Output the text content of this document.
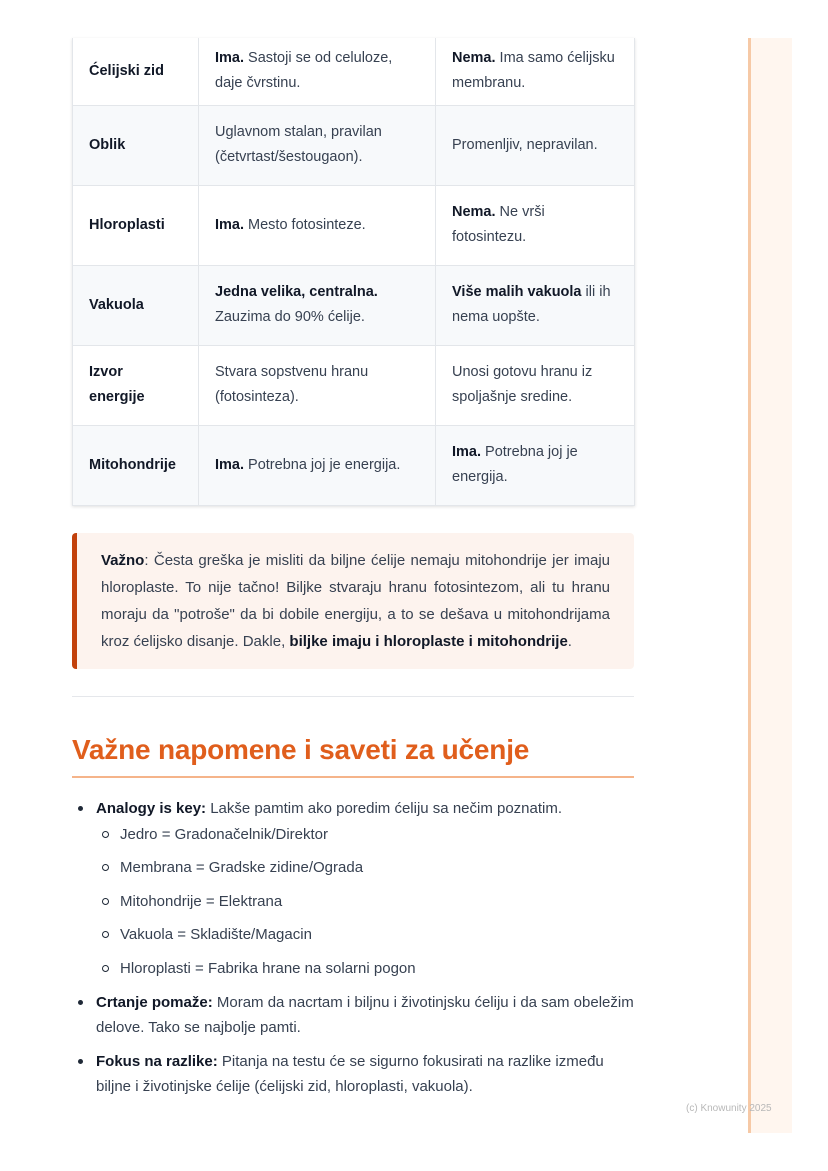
Ćelijski zid	Ima. Sastoji se od celuloze, daje čvrstinu.	Nema. Ima samo ćelijsku membranu.
Oblik	Uglavnom stalan, pravilan (četvrtast/šestougaon).	Promenljiv, nepravilan.
Hloroplasti	Ima. Mesto fotosinteze.	Nema. Ne vrši fotosintezu.
Vakuola	Jedna velika, centralna. Zauzima do 90% ćelije.	Više malih vakuola ili ih nema uopšte.
Izvor energije	Stvara sopstvenu hranu (fotosinteza).	Unosi gotovu hranu iz spoljašnje sredine.
Mitohondrije	Ima. Potrebna joj je energija.	Ima. Potrebna joj je energija.
Važno: Česta greška je misliti da biljne ćelije nemaju mitohondrije jer imaju hloroplaste. To nije tačno! Biljke stvaraju hranu fotosintezom, ali tu hranu moraju da "potroše" da bi dobile energiju, a to se dešava u mitohondrijama kroz ćelijsko disanje. Dakle, biljke imaju i hloroplaste i mitohondrije.
Važne napomene i saveti za učenje
Analogy is key: Lakše pamtim ako poredim ćeliju sa nečim poznatim.
Jedro = Gradonačelnik/Direktor
Membrana = Gradske zidine/Ograda
Mitohondrije = Elektrana
Vakuola = Skladište/Magacin
Hloroplasti = Fabrika hrane na solarni pogon
Crtanje pomaže: Moram da nacrtam i biljnu i životinjsku ćeliju i da sam obeležim delove. Tako se najbolje pamti.
Fokus na razlike: Pitanja na testu će se sigurno fokusirati na razlike između biljne i životinjske ćelije (ćelijski zid, hloroplasti, vakuola).
(c) Knowunity 2025
